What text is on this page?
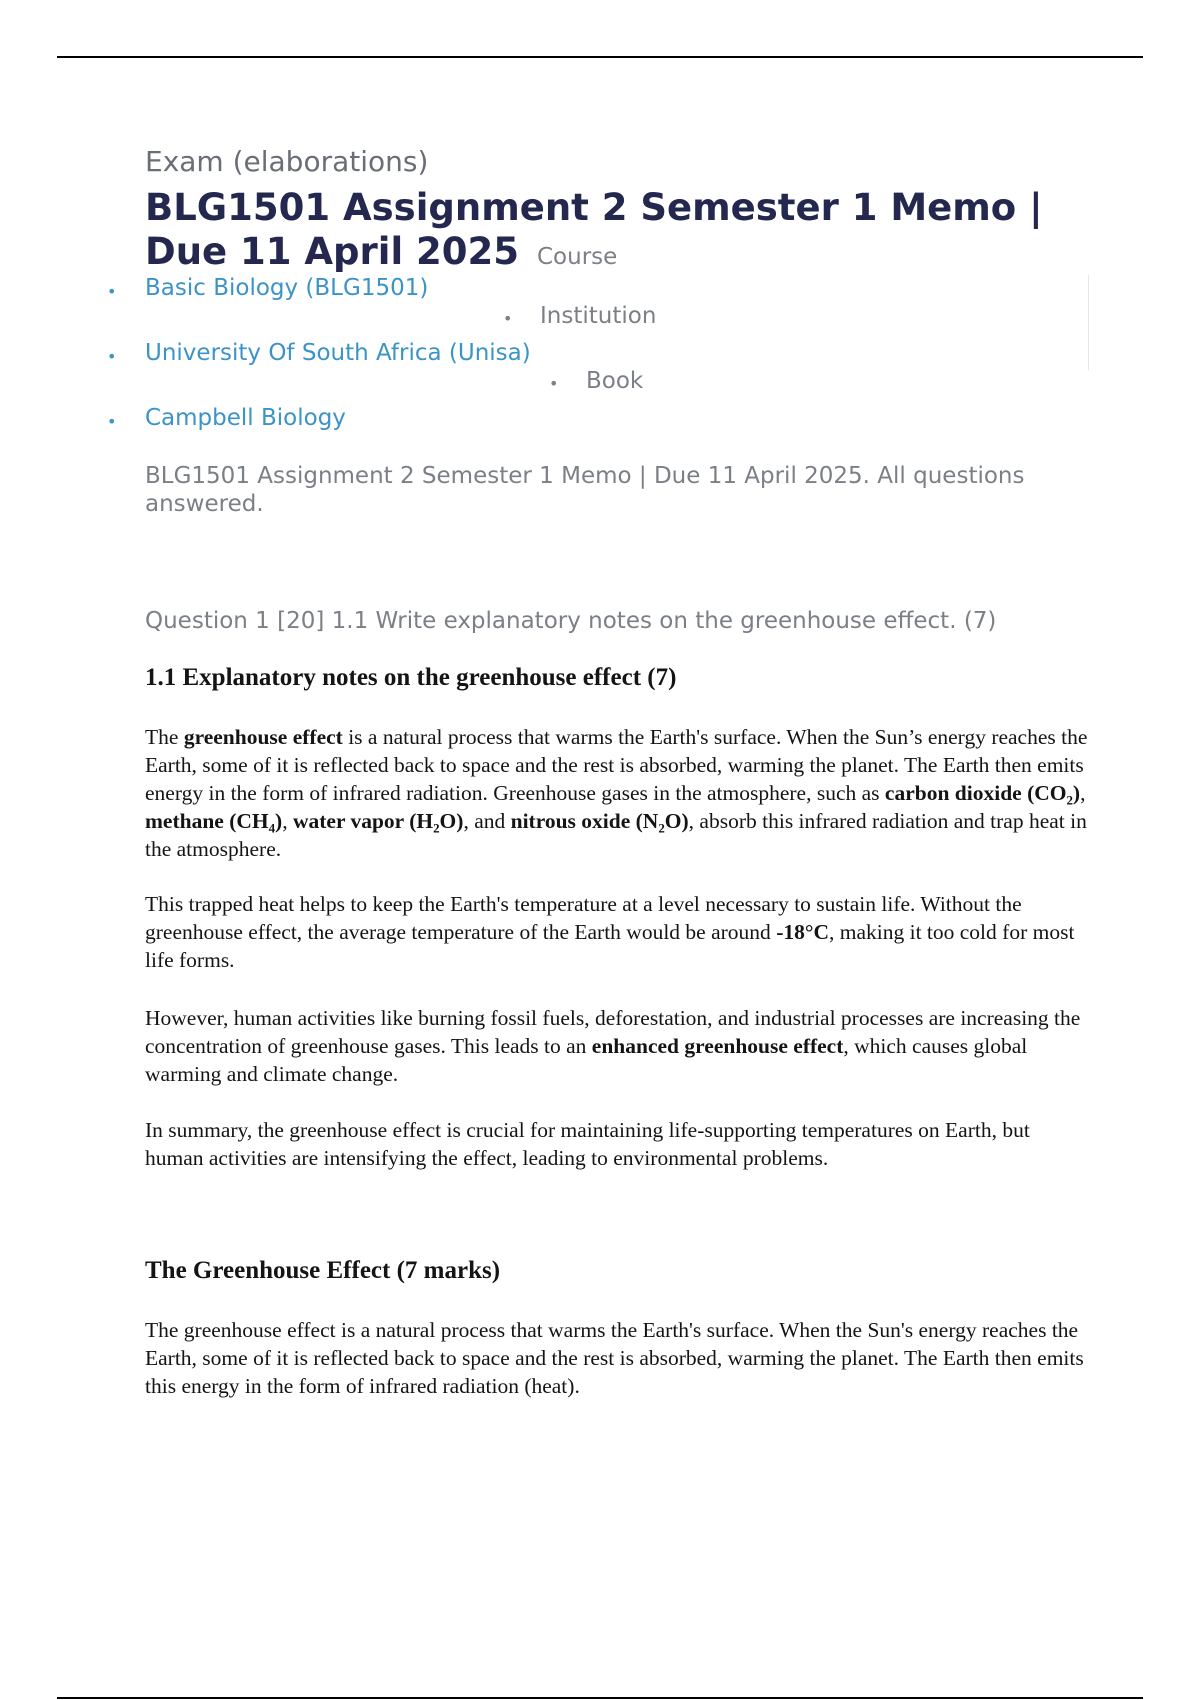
Exam (elaborations)
BLG1501 Assignment 2 Semester 1 Memo | Due 11 April 2025 Course
• Basic Biology (BLG1501)
• Institution
• University Of South Africa (Unisa)
• Book
• Campbell Biology

BLG1501 Assignment 2 Semester 1 Memo | Due 11 April 2025. All questions answered.

Question 1 [20] 1.1 Write explanatory notes on the greenhouse effect. (7)

1.1 Explanatory notes on the greenhouse effect (7)

The greenhouse effect is a natural process that warms the Earth's surface. When the Sun’s energy reaches the Earth, some of it is reflected back to space and the rest is absorbed, warming the planet. The Earth then emits energy in the form of infrared radiation. Greenhouse gases in the atmosphere, such as carbon dioxide (CO₂), methane (CH₄), water vapor (H₂O), and nitrous oxide (N₂O), absorb this infrared radiation and trap heat in the atmosphere.

This trapped heat helps to keep the Earth's temperature at a level necessary to sustain life. Without the greenhouse effect, the average temperature of the Earth would be around -18°C, making it too cold for most life forms.

However, human activities like burning fossil fuels, deforestation, and industrial processes are increasing the concentration of greenhouse gases. This leads to an enhanced greenhouse effect, which causes global warming and climate change.

In summary, the greenhouse effect is crucial for maintaining life-supporting temperatures on Earth, but human activities are intensifying the effect, leading to environmental problems.

The Greenhouse Effect (7 marks)

The greenhouse effect is a natural process that warms the Earth's surface. When the Sun's energy reaches the Earth, some of it is reflected back to space and the rest is absorbed, warming the planet. The Earth then emits this energy in the form of infrared radiation (heat).
